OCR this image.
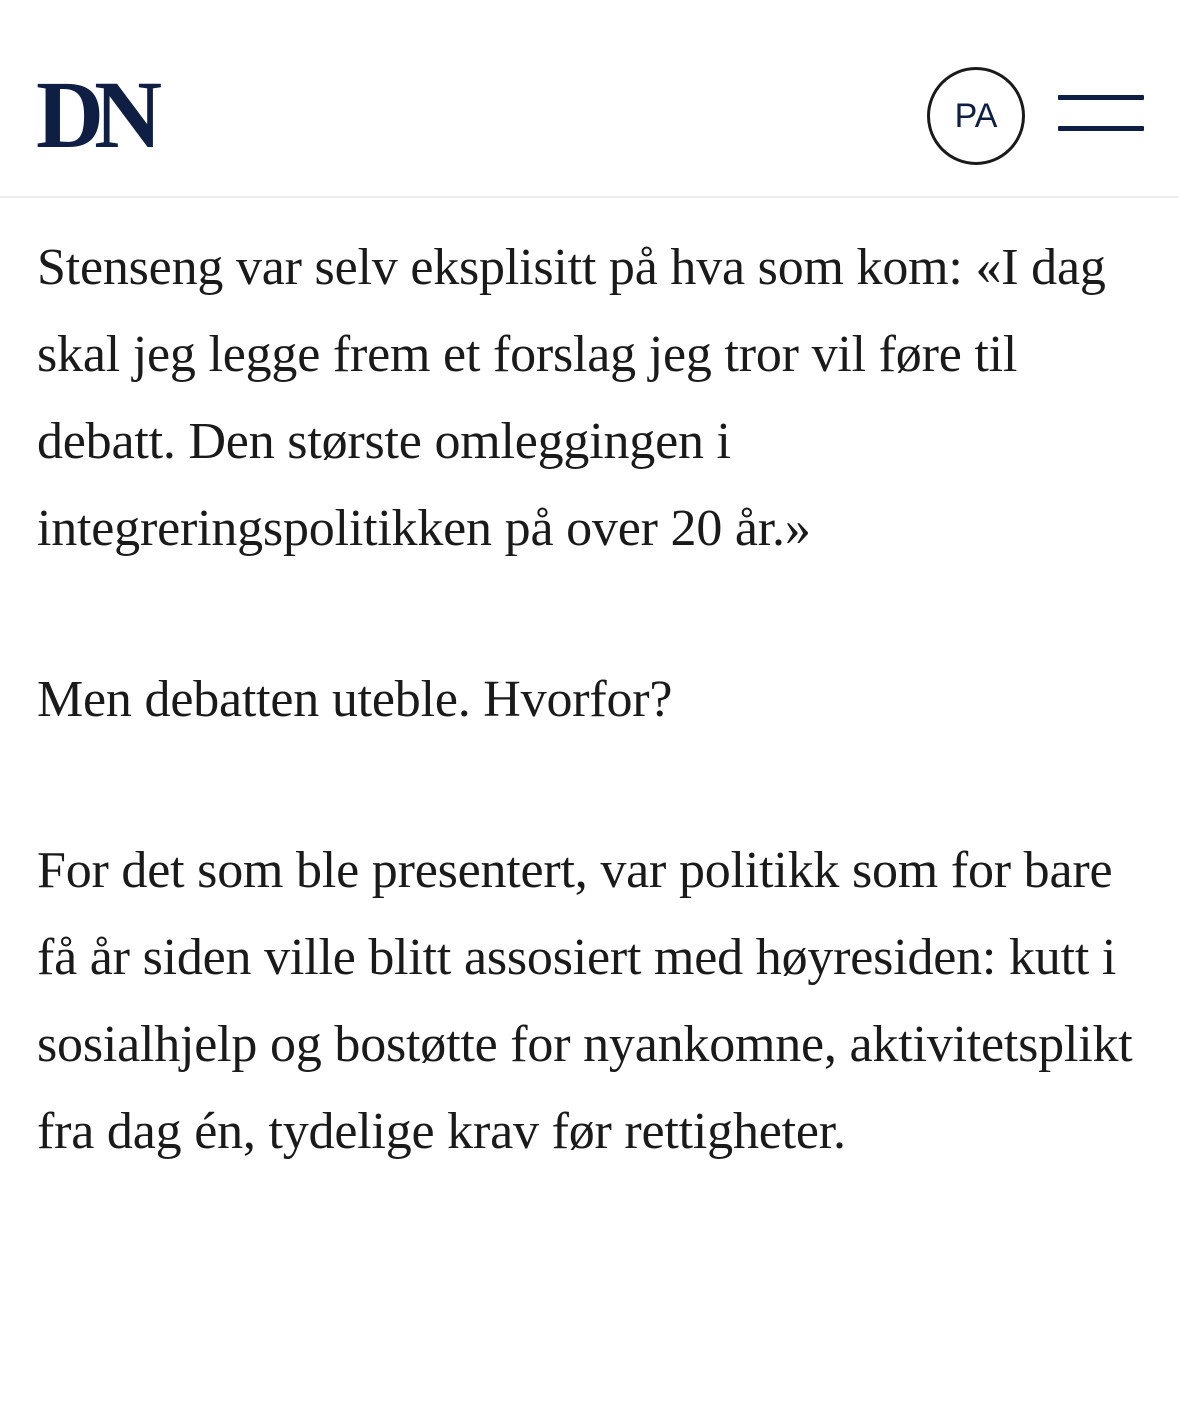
DN	PA

Stenseng var selv eksplisitt på hva som kom: «I dag skal jeg legge frem et forslag jeg tror vil føre til debatt. Den største omleggingen i integreringspolitikken på over 20 år.»

Men debatten uteble. Hvorfor?

For det som ble presentert, var politikk som for bare få år siden ville blitt assosiert med høyresiden: kutt i sosialhjelp og bostøtte for nyankomne, aktivitetsplikt fra dag én, tydelige krav før rettigheter.
